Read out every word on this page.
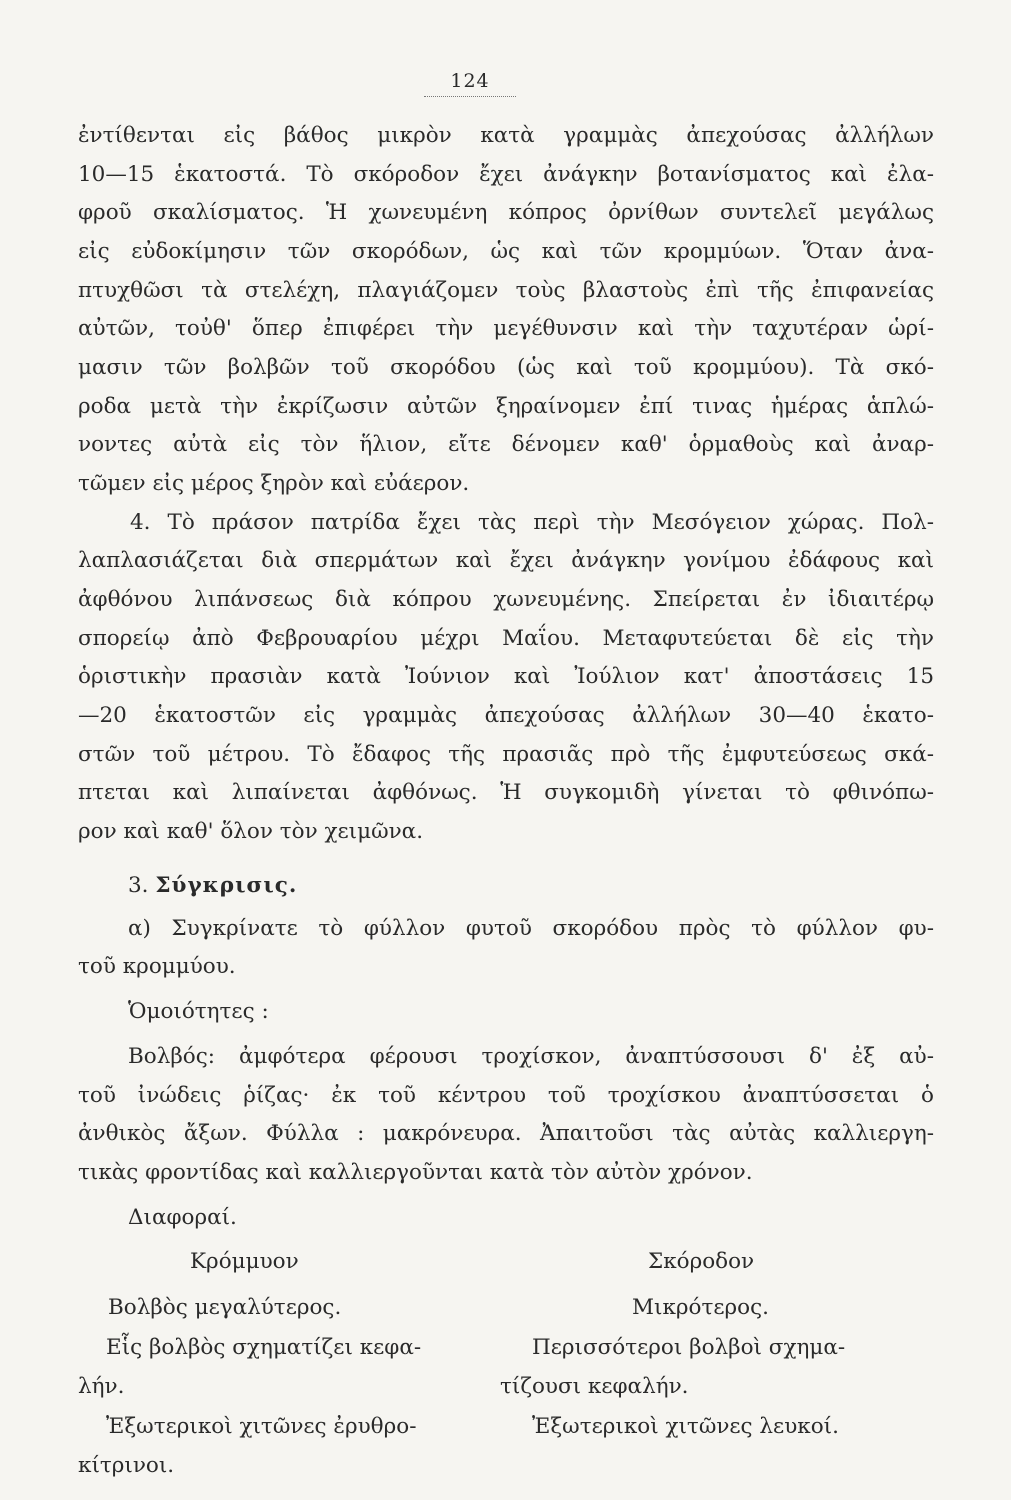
124
ἐντίθενται εἰς βάθος μικρὸν κατὰ γραμμὰς ἀπεχούσας ἀλλήλων
10—15 ἑκατοστά. Τὸ σκόροδον ἔχει ἀνάγκην βοτανίσματος καὶ ἐλα-
φροῦ σκαλίσματος. Ἡ χωνευμένη κόπρος ὀρνίθων συντελεῖ μεγάλως
εἰς εὐδοκίμησιν τῶν σκορόδων, ὡς καὶ τῶν κρομμύων. Ὅταν ἀνα-
πτυχθῶσι τὰ στελέχη, πλαγιάζομεν τοὺς βλαστοὺς ἐπὶ τῆς ἐπιφανείας
αὐτῶν, τοὐθ' ὅπερ ἐπιφέρει τὴν μεγέθυνσιν καὶ τὴν ταχυτέραν ὡρί-
μασιν τῶν βολβῶν τοῦ σκορόδου (ὡς καὶ τοῦ κρομμύου). Τὰ σκό-
ροδα μετὰ τὴν ἐκρίζωσιν αὐτῶν ξηραίνομεν ἐπί τινας ἡμέρας ἁπλώ-
νοντες αὐτὰ εἰς τὸν ἥλιον, εἴτε δένομεν καθ' ὁρμαθοὺς καὶ ἀναρ-
τῶμεν εἰς μέρος ξηρὸν καὶ εὐάερον.
4. Τὸ πράσον πατρίδα ἔχει τὰς περὶ τὴν Μεσόγειον χώρας. Πολ-
λαπλασιάζεται διὰ σπερμάτων καὶ ἔχει ἀνάγκην γονίμου ἐδάφους καὶ
ἀφθόνου λιπάνσεως διὰ κόπρου χωνευμένης. Σπείρεται ἐν ἰδιαιτέρῳ
σπορείῳ ἀπὸ Φεβρουαρίου μέχρι Μαΐου. Μεταφυτεύεται δὲ εἰς τὴν
ὁριστικὴν πρασιὰν κατὰ Ἰούνιον καὶ Ἰούλιον κατ' ἀποστάσεις 15
—20 ἑκατοστῶν εἰς γραμμὰς ἀπεχούσας ἀλλήλων 30—40 ἑκατο-
στῶν τοῦ μέτρου. Τὸ ἔδαφος τῆς πρασιᾶς πρὸ τῆς ἐμφυτεύσεως σκά-
πτεται καὶ λιπαίνεται ἀφθόνως. Ἡ συγκομιδὴ γίνεται τὸ φθινόπω-
ρον καὶ καθ' ὅλον τὸν χειμῶνα.
3. Σύγκρισις.
α) Συγκρίνατε τὸ φύλλον φυτοῦ σκορόδου πρὸς τὸ φύλλον φυ-
τοῦ κρομμύου.
Ὁμοιότητες :
Βολβός: ἀμφότερα φέρουσι τροχίσκον, ἀναπτύσσουσι δ' ἐξ αὐ-
τοῦ ἰνώδεις ῥίζας· ἐκ τοῦ κέντρου τοῦ τροχίσκου ἀναπτύσσεται ὁ
ἀνθικὸς ἄξων. Φύλλα : μακρόνευρα. Ἀπαιτοῦσι τὰς αὐτὰς καλλιεργη-
τικὰς φροντίδας καὶ καλλιεργοῦνται κατὰ τὸν αὐτὸν χρόνον.
Διαφοραί.
Κρόμμυον	Σκόροδον
Βολβὸς μεγαλύτερος.	Μικρότερος.
Εἷς βολβὸς σχηματίζει κεφα-	Περισσότεροι βολβοὶ σχημα-
λήν.	τίζουσι κεφαλήν.
Ἐξωτερικοὶ χιτῶνες ἐρυθρο-	Ἐξωτερικοὶ χιτῶνες λευκοί.
κίτρινοι.
